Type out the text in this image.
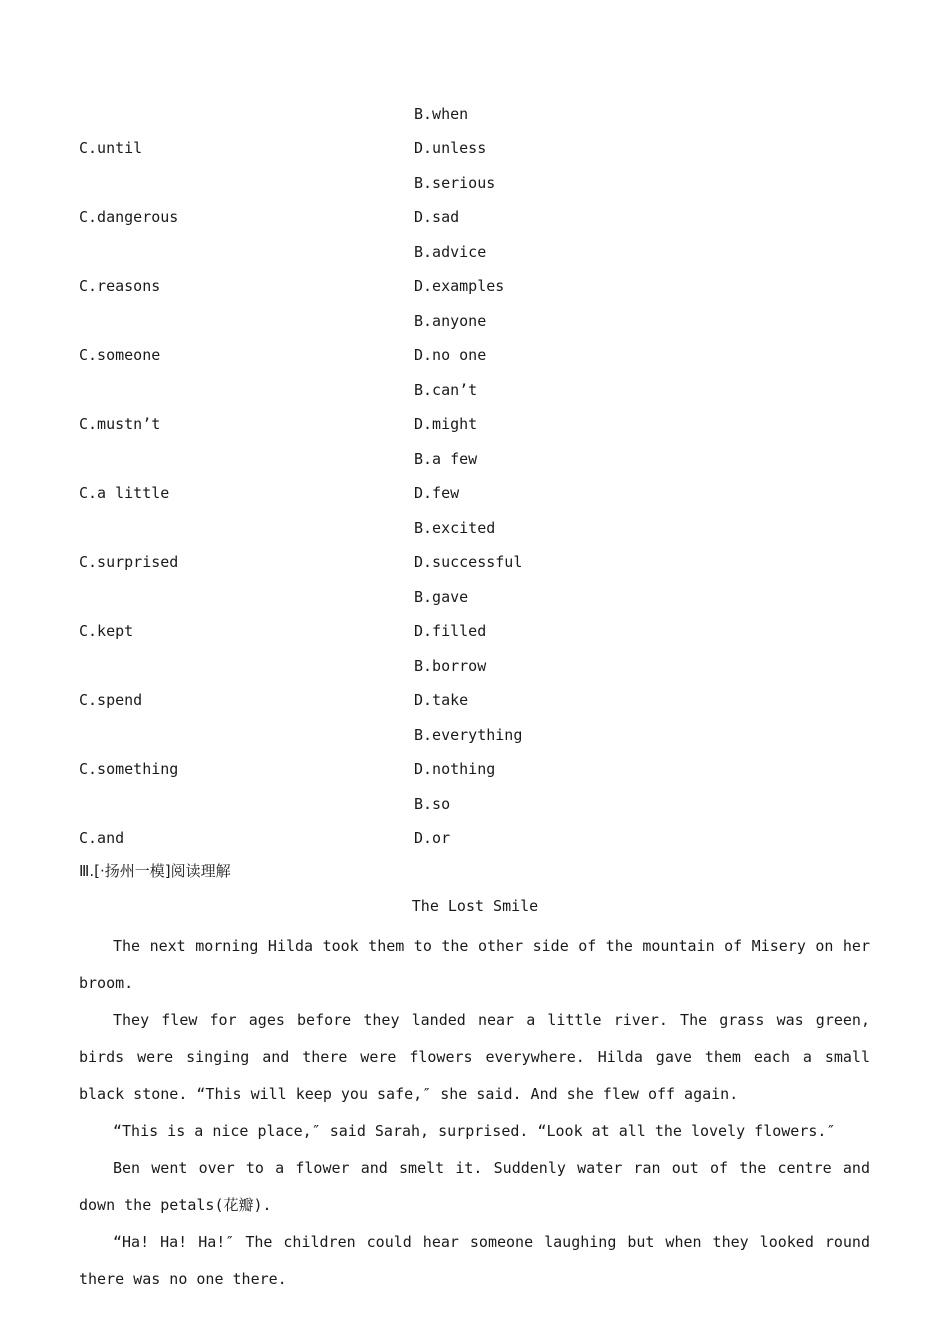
B.when
C.until	D.unless
B.serious
C.dangerous	D.sad
B.advice
C.reasons	D.examples
B.anyone
C.someone	D.no one
B.can’t
C.mustn’t	D.might
B.a few
C.a little	D.few
B.excited
C.surprised	D.successful
B.gave
C.kept	D.filled
B.borrow
C.spend	D.take
B.everything
C.something	D.nothing
B.so
C.and	D.or
Ⅲ.[·扬州一模]阅读理解
The Lost Smile

The next morning Hilda took them to the other side of the mountain of Misery on her broom.

They flew for ages before they landed near a little river. The grass was green, birds were singing and there were flowers everywhere. Hilda gave them each a small black stone. “This will keep you safe,″ she said. And she flew off again.

“This is a nice place,″ said Sarah, surprised. “Look at all the lovely flowers.″

Ben went over to a flower and smelt it. Suddenly water ran out of the centre and down the petals(花瓣).

“Ha! Ha! Ha!″ The children could hear someone laughing but when they looked round there was no one there.
